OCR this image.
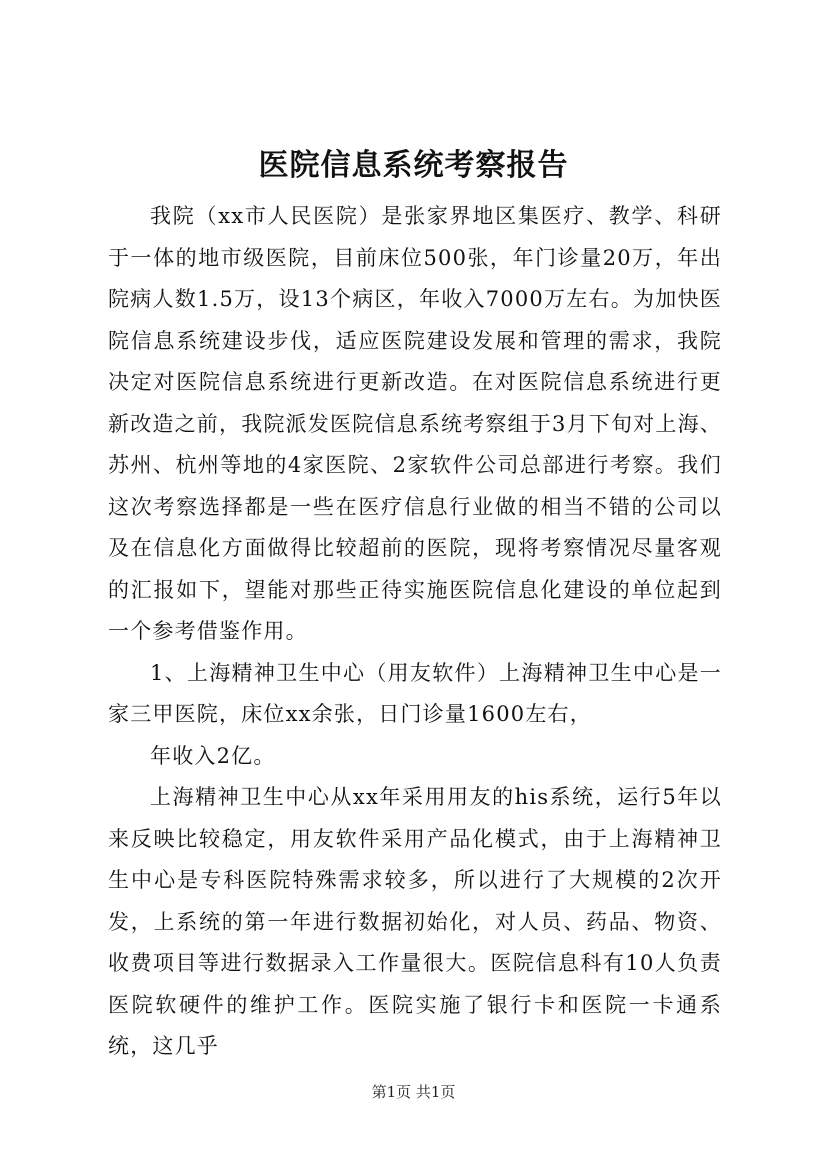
医院信息系统考察报告

我院（xx市人民医院）是张家界地区集医疗、教学、科研于一体的地市级医院，目前床位500张，年门诊量20万，年出院病人数1.5万，设13个病区，年收入7000万左右。为加快医院信息系统建设步伐，适应医院建设发展和管理的需求，我院决定对医院信息系统进行更新改造。在对医院信息系统进行更新改造之前，我院派发医院信息系统考察组于3月下旬对上海、苏州、杭州等地的4家医院、2家软件公司总部进行考察。我们这次考察选择都是一些在医疗信息行业做的相当不错的公司以及在信息化方面做得比较超前的医院，现将考察情况尽量客观的汇报如下，望能对那些正待实施医院信息化建设的单位起到一个参考借鉴作用。

1、上海精神卫生中心（用友软件）上海精神卫生中心是一家三甲医院，床位xx余张，日门诊量1600左右，

年收入2亿。

上海精神卫生中心从xx年采用用友的his系统，运行5年以来反映比较稳定，用友软件采用产品化模式，由于上海精神卫生中心是专科医院特殊需求较多，所以进行了大规模的2次开发，上系统的第一年进行数据初始化，对人员、药品、物资、收费项目等进行数据录入工作量很大。医院信息科有10人负责医院软硬件的维护工作。医院实施了银行卡和医院一卡通系统，这几乎

第1页 共1页
